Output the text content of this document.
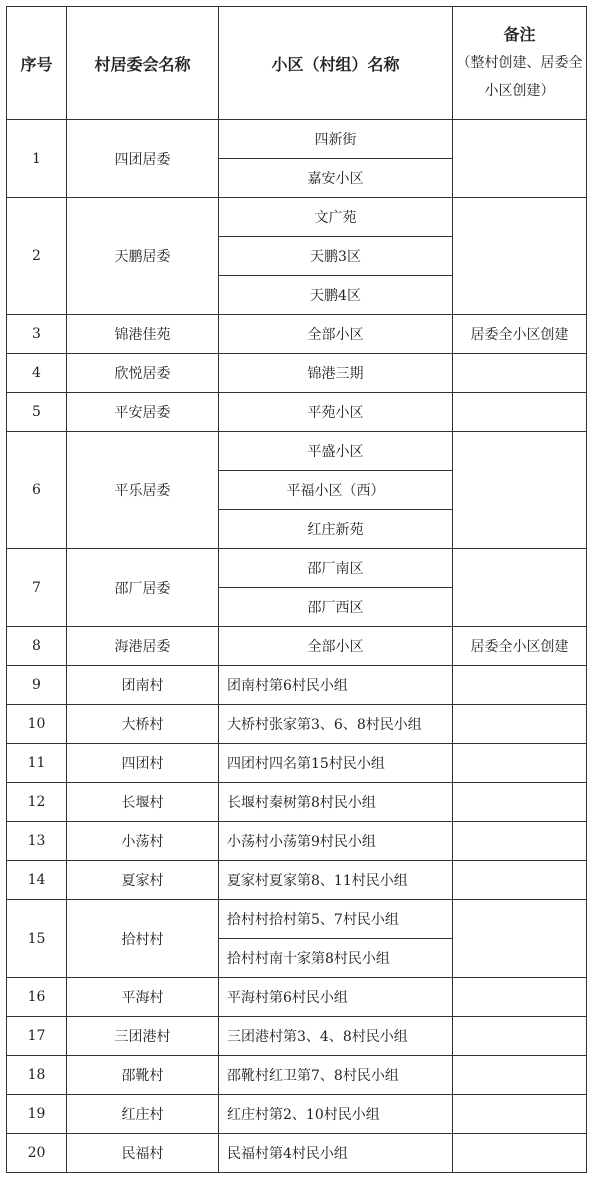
序号	村居委会名称	小区（村组）名称	备注
（整村创建、居委全小区创建）

1	四团居委	四新街	
		嘉安小区	
2	天鹏居委	文广苑	
		天鹏3区	
		天鹏4区	
3	锦港佳苑	全部小区	居委全小区创建
4	欣悦居委	锦港三期	
5	平安居委	平苑小区	
6	平乐居委	平盛小区	
		平福小区（西）	
		红庄新苑	
7	邵厂居委	邵厂南区	
		邵厂西区	
8	海港居委	全部小区	居委全小区创建
9	团南村	团南村第6村民小组	
10	大桥村	大桥村张家第3、6、8村民小组	
11	四团村	四团村四名第15村民小组	
12	长堰村	长堰村秦树第8村民小组	
13	小荡村	小荡村小荡第9村民小组	
14	夏家村	夏家村夏家第8、11村民小组	
15	拾村村	拾村村拾村第5、7村民小组	
		拾村村南十家第8村民小组	
16	平海村	平海村第6村民小组	
17	三团港村	三团港村第3、4、8村民小组	
18	邵靴村	邵靴村红卫第7、8村民小组	
19	红庄村	红庄村第2、10村民小组	
20	民福村	民福村第4村民小组	
